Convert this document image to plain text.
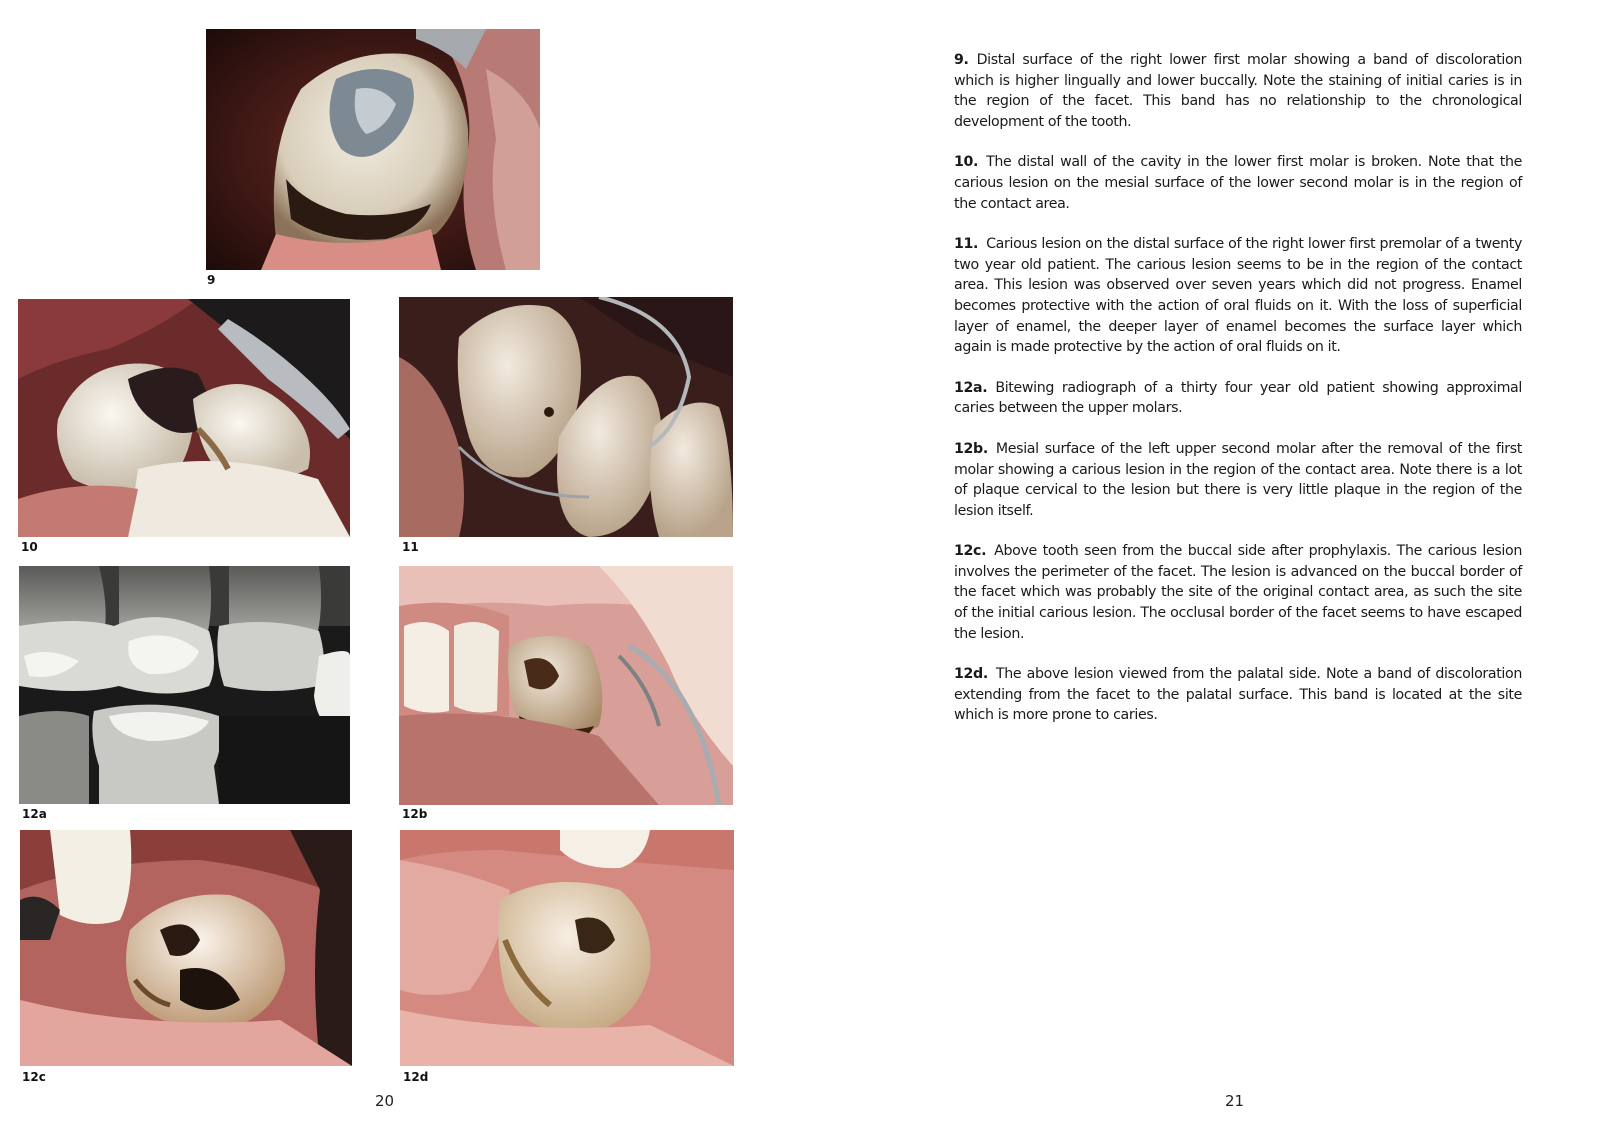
9
10	11
12a	12b
12c	12d
20

9. Distal surface of the right lower first molar showing a band of discoloration which is higher lingually and lower buccally. Note the staining of initial caries is in the region of the facet. This band has no relationship to the chronological development of the tooth.

10. The distal wall of the cavity in the lower first molar is broken. Note that the carious lesion on the mesial surface of the lower second molar is in the region of the contact area.

11. Carious lesion on the distal surface of the right lower first premolar of a twenty two year old patient. The carious lesion seems to be in the region of the contact area. This lesion was observed over seven years which did not progress. Enamel becomes protective with the action of oral fluids on it. With the loss of superficial layer of enamel, the deeper layer of enamel becomes the surface layer which again is made protective by the action of oral fluids on it.

12a. Bitewing radiograph of a thirty four year old patient showing approximal caries between the upper molars.

12b. Mesial surface of the left upper second molar after the removal of the first molar showing a carious lesion in the region of the contact area. Note there is a lot of plaque cervical to the lesion but there is very little plaque in the region of the lesion itself.

12c. Above tooth seen from the buccal side after prophylaxis. The carious lesion involves the perimeter of the facet. The lesion is advanced on the buccal border of the facet which was probably the site of the original contact area, as such the site of the initial carious lesion. The occlusal border of the facet seems to have escaped the lesion.

12d. The above lesion viewed from the palatal side. Note a band of discoloration extending from the facet to the palatal surface. This band is located at the site which is more prone to caries.

21
